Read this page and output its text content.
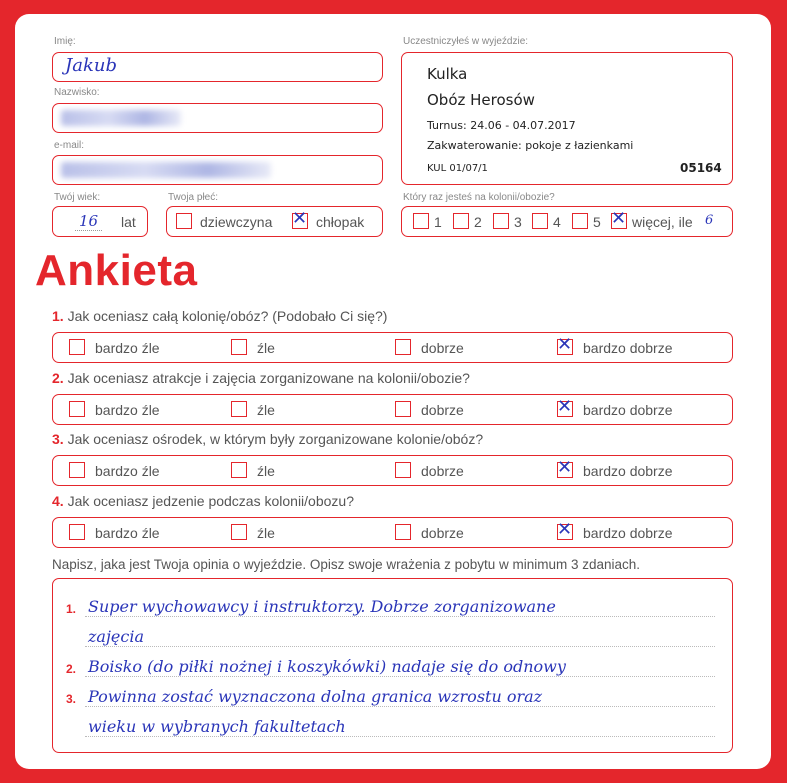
Imię:
Jakub
Nazwisko:
e-mail:
Twój wiek:
16 lat
Twoja płeć:
dziewczyna ✕ chłopak
Uczestniczyłeś w wyjeździe:
Kulka
Obóz Herosów
Turnus: 24.06 - 04.07.2017
Zakwaterowanie: pokoje z łazienkami
KUL 01/07/1	05164
Który raz jesteś na kolonii/obozie?
1 2 3 4 5 ✕ więcej, ile 6
Ankieta
1. Jak oceniasz całą kolonię/obóz? (Podobało Ci się?)
bardzo źle	źle	dobrze	✕ bardzo dobrze
2. Jak oceniasz atrakcje i zajęcia zorganizowane na kolonii/obozie?
bardzo źle	źle	dobrze	✕ bardzo dobrze
3. Jak oceniasz ośrodek, w którym były zorganizowane kolonie/obóz?
bardzo źle	źle	dobrze	✕ bardzo dobrze
4. Jak oceniasz jedzenie podczas kolonii/obozu?
bardzo źle	źle	dobrze	✕ bardzo dobrze
Napisz, jaka jest Twoja opinia o wyjeździe. Opisz swoje wrażenia z pobytu w minimum 3 zdaniach.
1. Super wychowawcy i instruktorzy. Dobrze zorganizowane
zajęcia
2. Boisko (do piłki nożnej i koszykówki) nadaje się do odnowy
3. Powinna zostać wyznaczona dolna granica wzrostu oraz
wieku w wybranych fakultetach
